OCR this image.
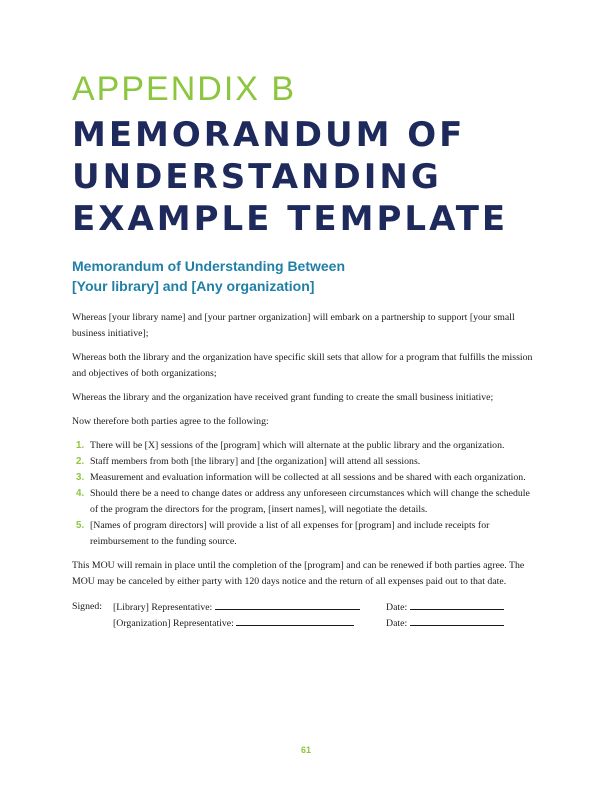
APPENDIX B
MEMORANDUM OF
UNDERSTANDING
EXAMPLE TEMPLATE
Memorandum of Understanding Between
[Your library] and [Any organization]

Whereas [your library name] and [your partner organization] will embark on a partnership to support [your small business initiative];

Whereas both the library and the organization have specific skill sets that allow for a program that fulfills the mission and objectives of both organizations;

Whereas the library and the organization have received grant funding to create the small business initiative;

Now therefore both parties agree to the following:

1. There will be [X] sessions of the [program] which will alternate at the public library and the organization.
2. Staff members from both [the library] and [the organization] will attend all sessions.
3. Measurement and evaluation information will be collected at all sessions and be shared with each organization.
4. Should there be a need to change dates or address any unforeseen circumstances which will change the schedule of the program the directors for the program, [insert names], will negotiate the details.
5. [Names of program directors] will provide a list of all expenses for [program] and include receipts for reimbursement to the funding source.

This MOU will remain in place until the completion of the [program] and can be renewed if both parties agree. The MOU may be canceled by either party with 120 days notice and the return of all expenses paid out to that date.

Signed: [Library] Representative:	Date:
[Organization] Representative:	Date:
61
